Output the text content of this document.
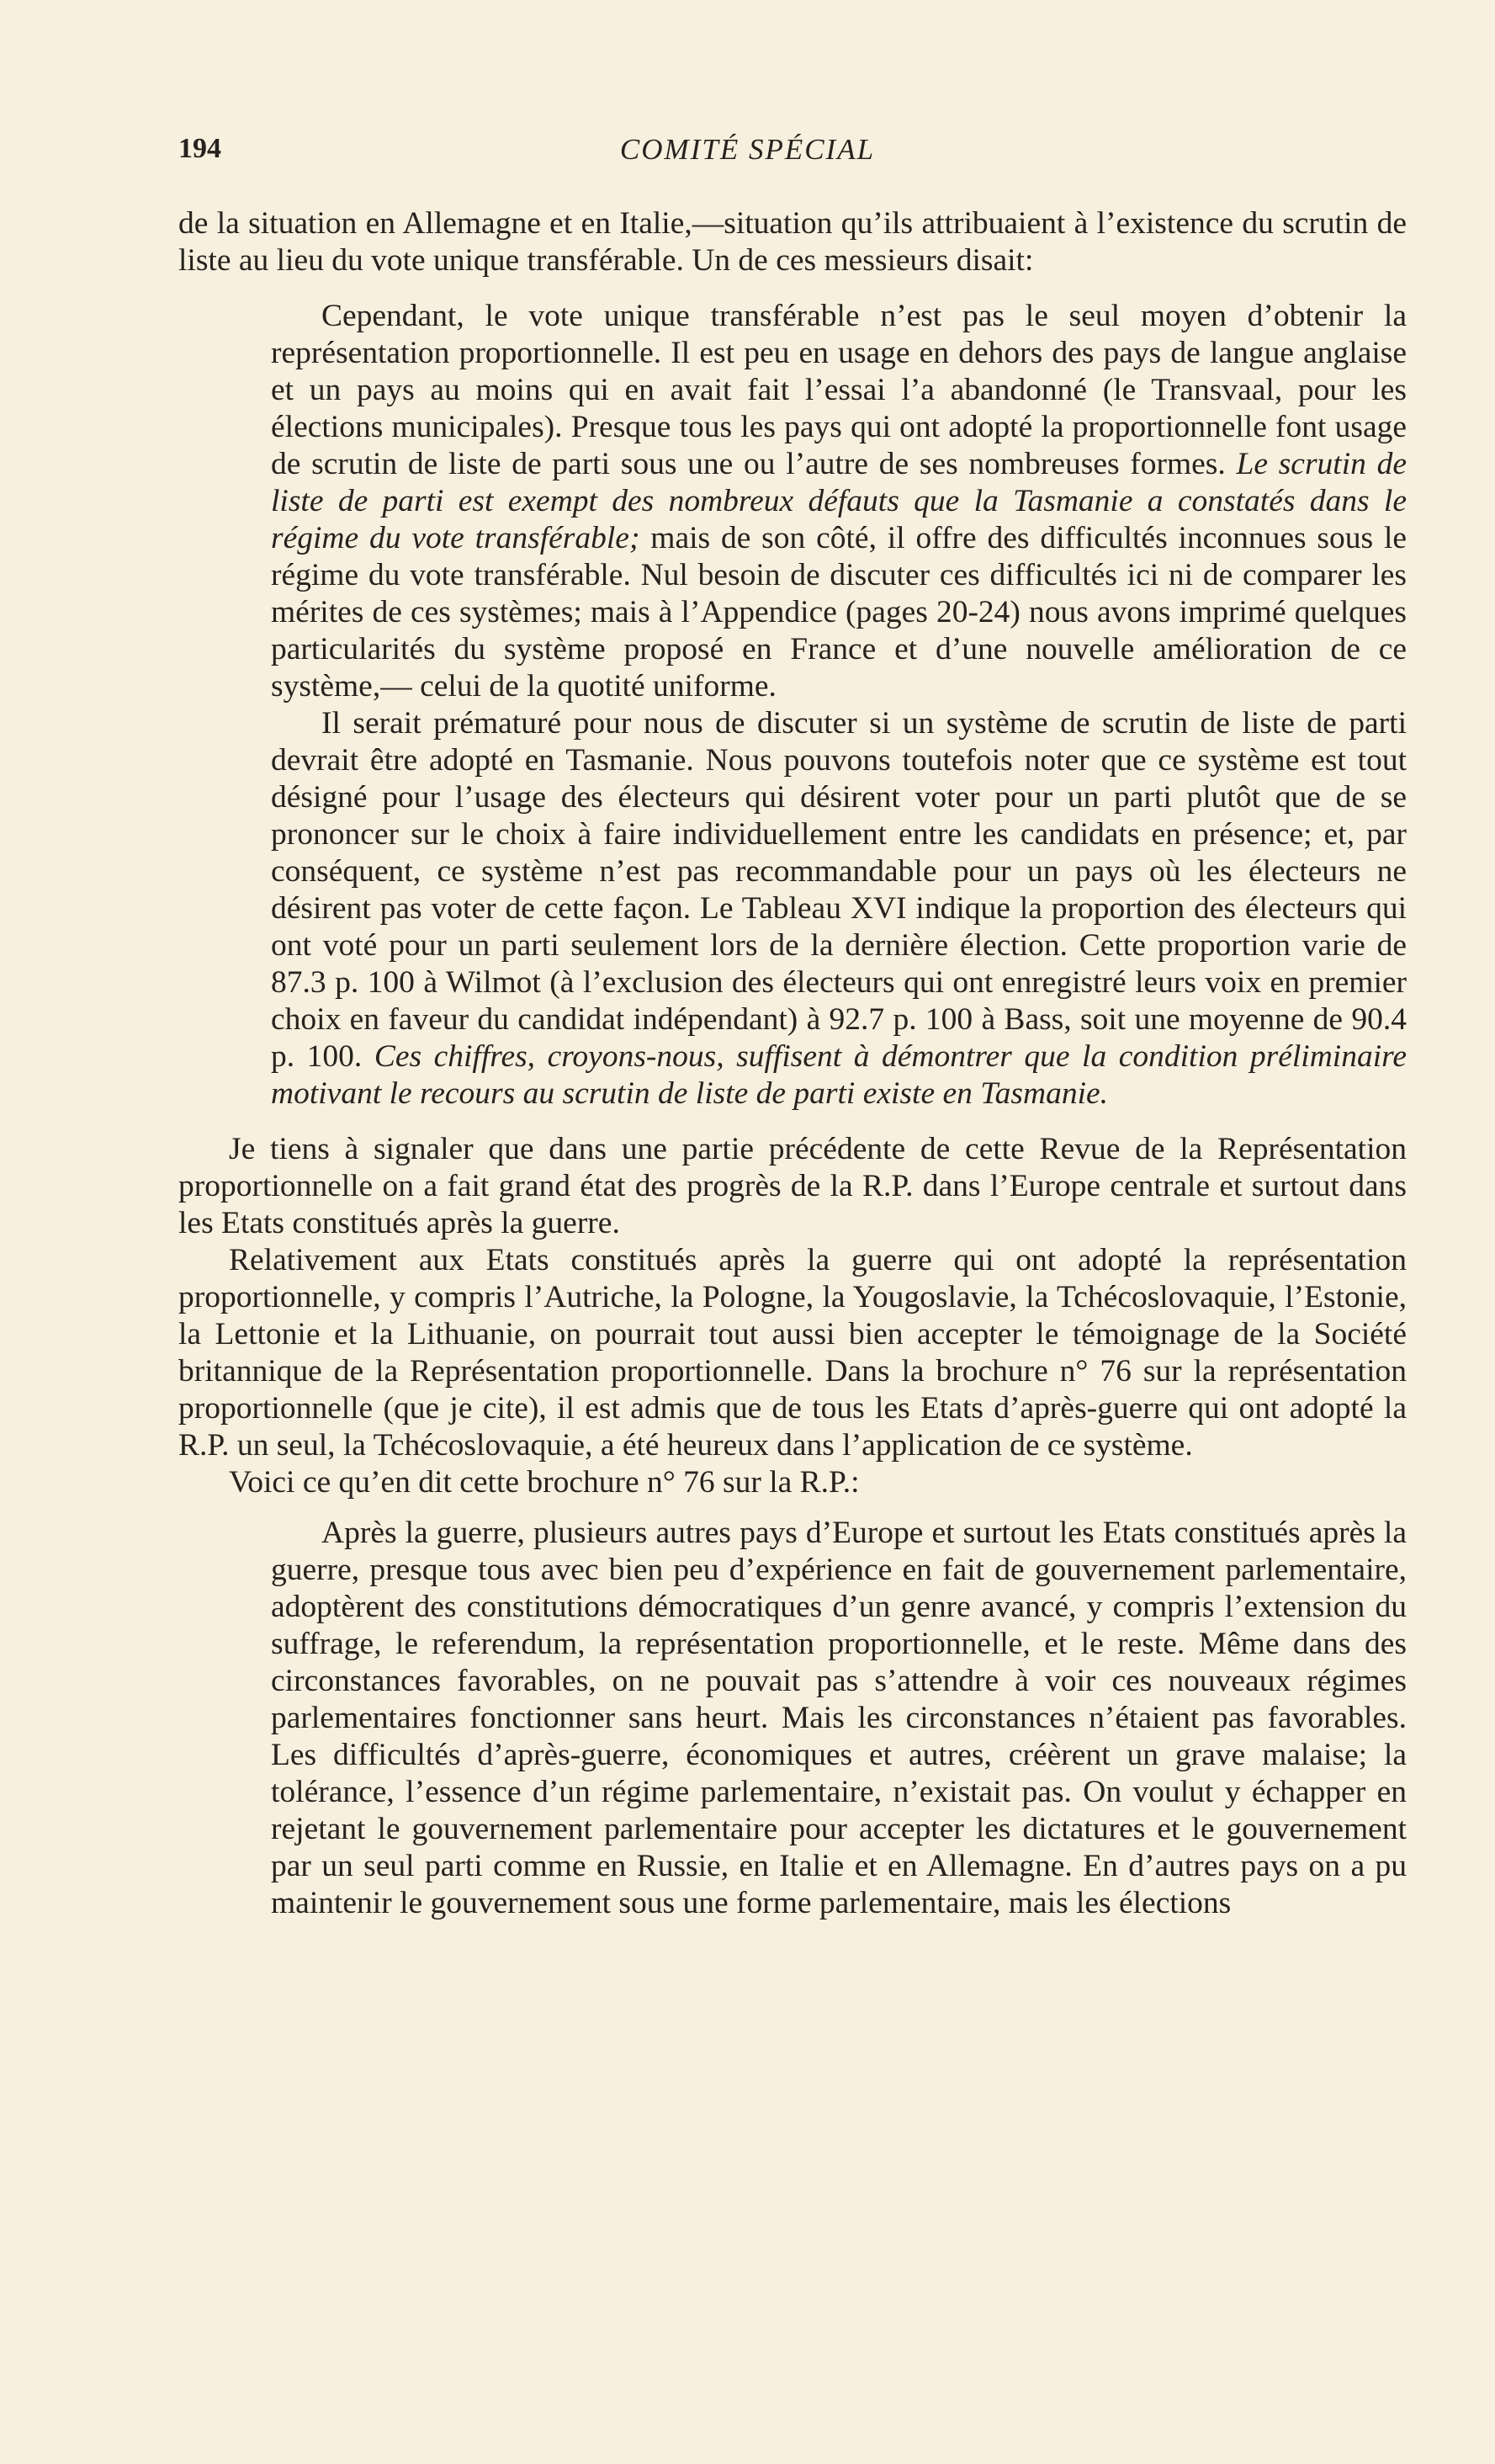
194	COMITÉ SPÉCIAL

de la situation en Allemagne et en Italie,—situation qu’ils attribuaient à l’existence du scrutin de liste au lieu du vote unique transférable. Un de ces messieurs disait:

Cependant, le vote unique transférable n’est pas le seul moyen d’obtenir la représentation proportionnelle. Il est peu en usage en dehors des pays de langue anglaise et un pays au moins qui en avait fait l’essai l’a abandonné (le Transvaal, pour les élections municipales). Presque tous les pays qui ont adopté la proportionnelle font usage de scrutin de liste de parti sous une ou l’autre de ses nombreuses formes. Le scrutin de liste de parti est exempt des nombreux défauts que la Tasmanie a constatés dans le régime du vote transférable; mais de son côté, il offre des difficultés inconnues sous le régime du vote transférable. Nul besoin de discuter ces difficultés ici ni de comparer les mérites de ces systèmes; mais à l’Appendice (pages 20-24) nous avons imprimé quelques particularités du système proposé en France et d’une nouvelle amélioration de ce système,— celui de la quotité uniforme.

Il serait prématuré pour nous de discuter si un système de scrutin de liste de parti devrait être adopté en Tasmanie. Nous pouvons toutefois noter que ce système est tout désigné pour l’usage des électeurs qui désirent voter pour un parti plutôt que de se prononcer sur le choix à faire individuellement entre les candidats en présence; et, par conséquent, ce système n’est pas recommandable pour un pays où les électeurs ne désirent pas voter de cette façon. Le Tableau XVI indique la proportion des électeurs qui ont voté pour un parti seulement lors de la dernière élection. Cette proportion varie de 87.3 p. 100 à Wilmot (à l’exclusion des électeurs qui ont enregistré leurs voix en premier choix en faveur du candidat indépendant) à 92.7 p. 100 à Bass, soit une moyenne de 90.4 p. 100. Ces chiffres, croyons-nous, suffisent à démontrer que la condition préliminaire motivant le recours au scrutin de liste de parti existe en Tasmanie.

Je tiens à signaler que dans une partie précédente de cette Revue de la Représentation proportionnelle on a fait grand état des progrès de la R.P. dans l’Europe centrale et surtout dans les Etats constitués après la guerre.

Relativement aux Etats constitués après la guerre qui ont adopté la représentation proportionnelle, y compris l’Autriche, la Pologne, la Yougoslavie, la Tchécoslovaquie, l’Estonie, la Lettonie et la Lithuanie, on pourrait tout aussi bien accepter le témoignage de la Société britannique de la Représentation proportionnelle. Dans la brochure n° 76 sur la représentation proportionnelle (que je cite), il est admis que de tous les Etats d’après-guerre qui ont adopté la R.P. un seul, la Tchécoslovaquie, a été heureux dans l’application de ce système.

Voici ce qu’en dit cette brochure n° 76 sur la R.P.:

Après la guerre, plusieurs autres pays d’Europe et surtout les Etats constitués après la guerre, presque tous avec bien peu d’expérience en fait de gouvernement parlementaire, adoptèrent des constitutions démocratiques d’un genre avancé, y compris l’extension du suffrage, le referendum, la représentation proportionnelle, et le reste. Même dans des circonstances favorables, on ne pouvait pas s’attendre à voir ces nouveaux régimes parlementaires fonctionner sans heurt. Mais les circonstances n’étaient pas favorables. Les difficultés d’après-guerre, économiques et autres, créèrent un grave malaise; la tolérance, l’essence d’un régime parlementaire, n’existait pas. On voulut y échapper en rejetant le gouvernement parlementaire pour accepter les dictatures et le gouvernement par un seul parti comme en Russie, en Italie et en Allemagne. En d’autres pays on a pu maintenir le gouvernement sous une forme parlementaire, mais les élections
